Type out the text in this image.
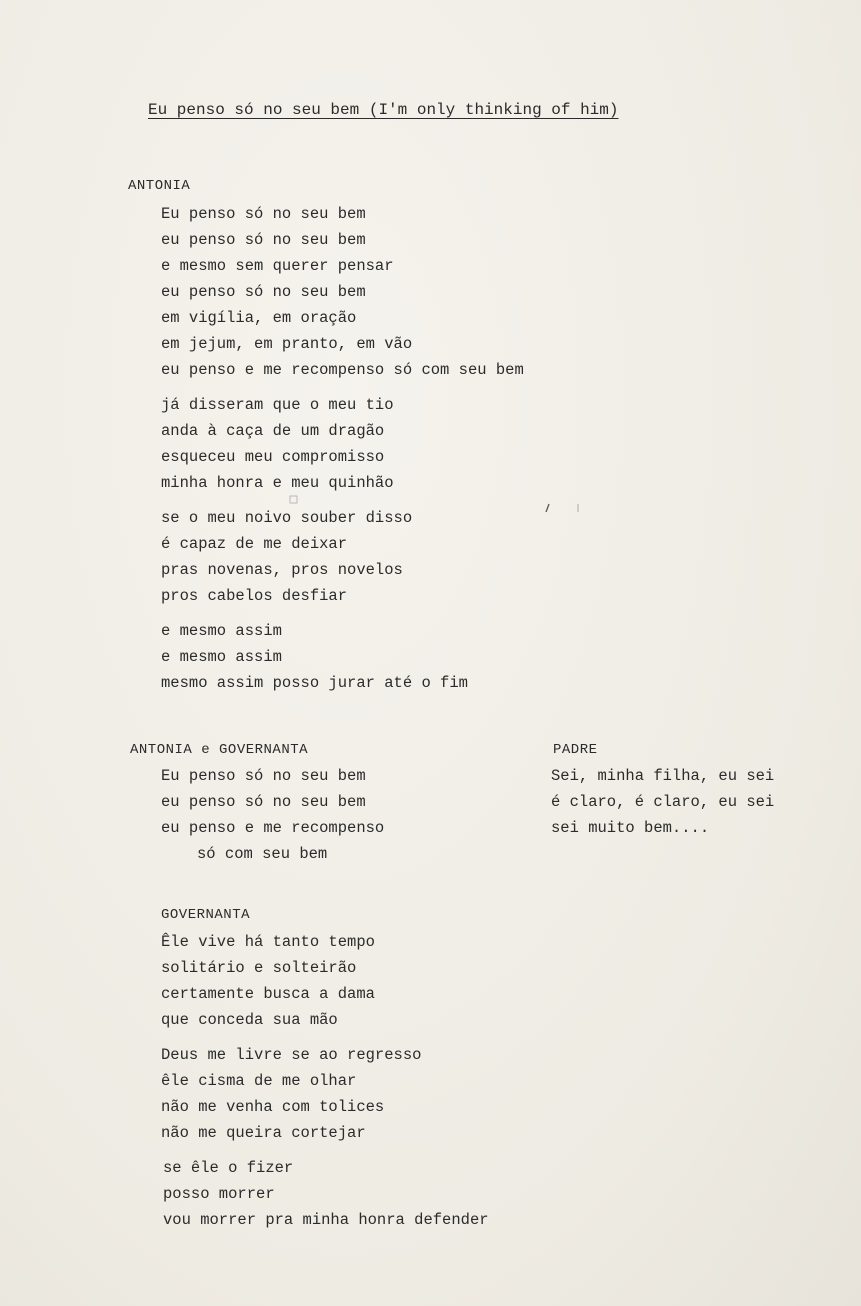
Eu penso só no seu bem (I'm only thinking of him)
ANTONIA
Eu penso só no seu bem
eu penso só no seu bem
e mesmo sem querer pensar
eu penso só no seu bem
em vigília, em oração
em jejum, em pranto, em vão
eu penso e me recompenso só com seu bem
já disseram que o meu tio
anda à caça de um dragão
esqueceu meu compromisso
minha honra e meu quinhão
se o meu noivo souber disso
é capaz de me deixar
pras novenas, pros novelos
pros cabelos desfiar
e mesmo assim
e mesmo assim
mesmo assim posso jurar até o fim
ANTONIA e GOVERNANTA
Eu penso só no seu bem
eu penso só no seu bem
eu penso e me recompenso
só com seu bem
PADRE
Sei, minha filha, eu sei
é claro, é claro, eu sei
sei muito bem....
GOVERNANTA
Êle vive há tanto tempo
solitário e solteirão
certamente busca a dama
que conceda sua mão
Deus me livre se ao regresso
êle cisma de me olhar
não me venha com tolices
não me queira cortejar
se êle o fizer
posso morrer
vou morrer pra minha honra defender
